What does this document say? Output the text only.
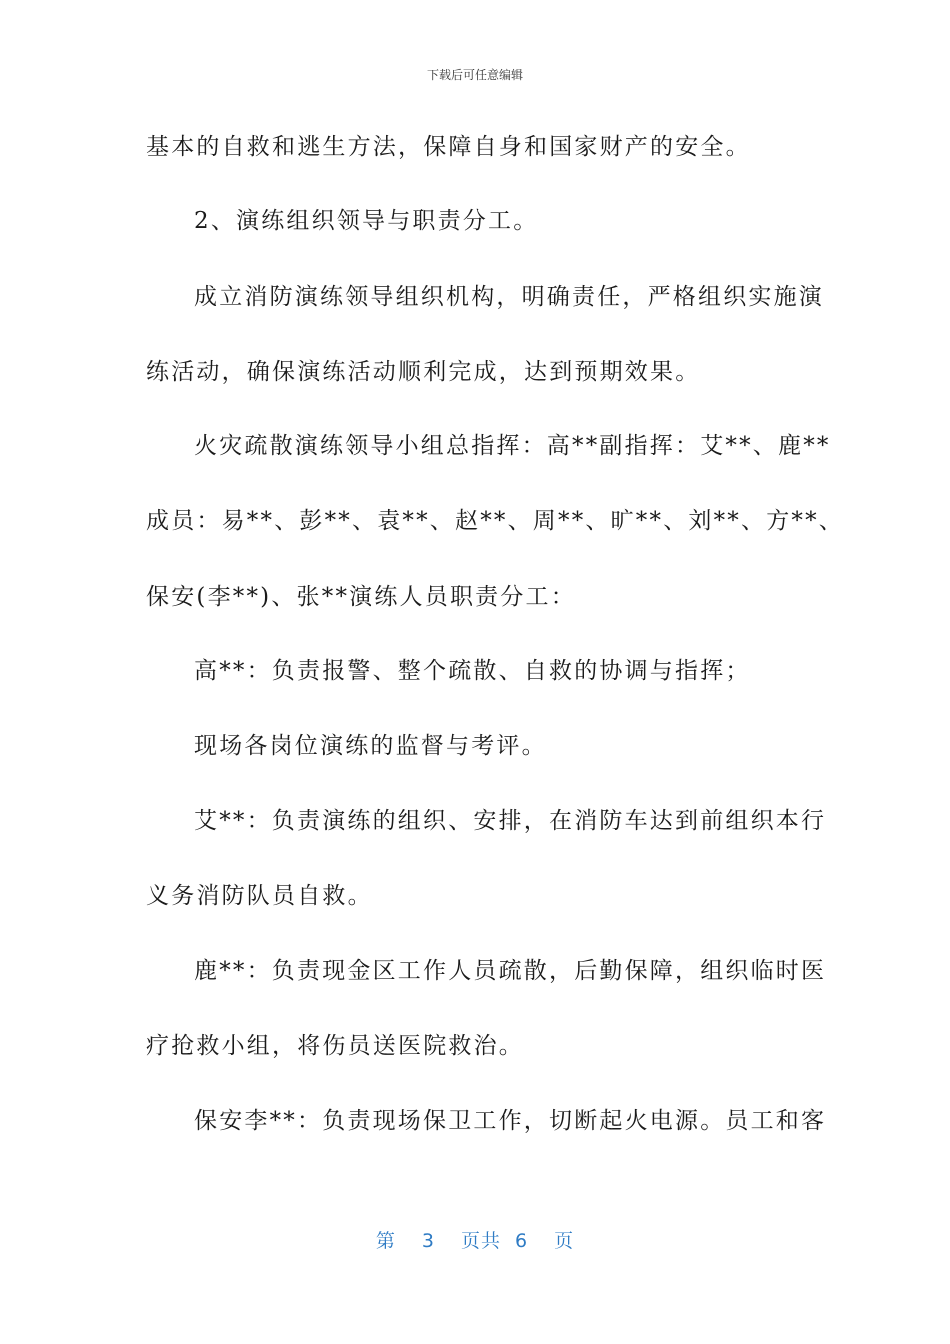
下载后可任意编辑
基本的自救和逃生方法，保障自身和国家财产的安全。
2、演练组织领导与职责分工。
成立消防演练领导组织机构，明确责任，严格组织实施演
练活动，确保演练活动顺利完成，达到预期效果。
火灾疏散演练领导小组总指挥：高**副指挥：艾**、鹿**
成员：易**、彭**、袁**、赵**、周**、旷**、刘**、方**、
保安(李**)、张**演练人员职责分工：
高**：负责报警、整个疏散、自救的协调与指挥；
现场各岗位演练的监督与考评。
艾**：负责演练的组织、安排，在消防车达到前组织本行
义务消防队员自救。
鹿**：负责现金区工作人员疏散，后勤保障，组织临时医
疗抢救小组，将伤员送医院救治。
保安李**：负责现场保卫工作，切断起火电源。员工和客
第 3 页共 6 页
